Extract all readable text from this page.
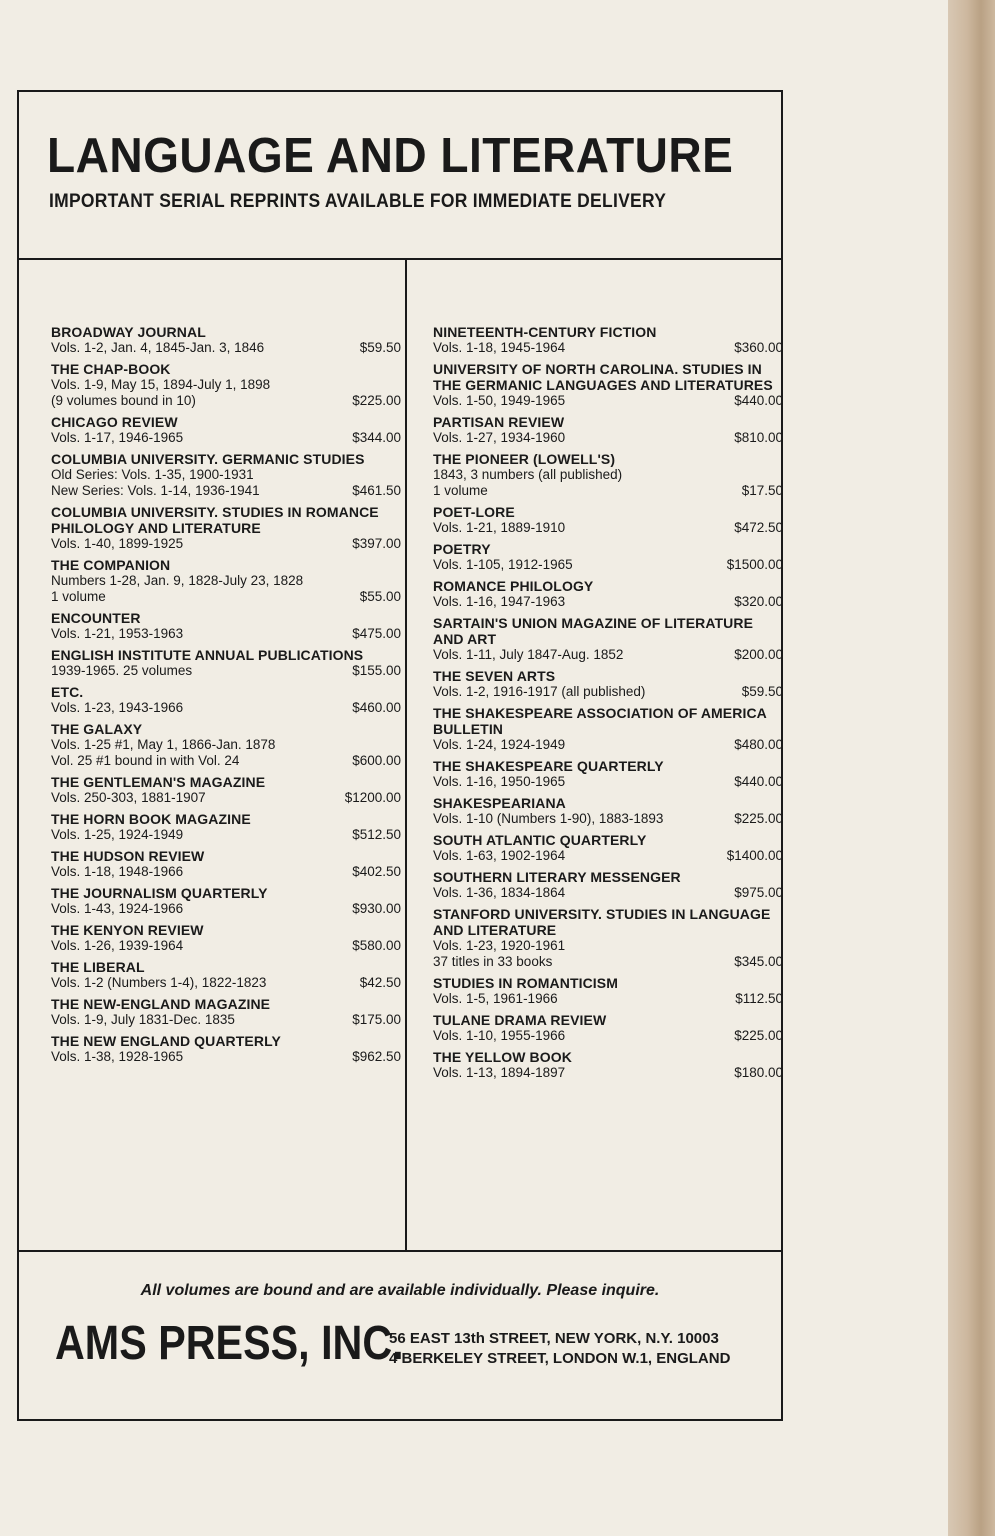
LANGUAGE AND LITERATURE

IMPORTANT SERIAL REPRINTS AVAILABLE FOR IMMEDIATE DELIVERY

BROADWAY JOURNAL
Vols. 1-2, Jan. 4, 1845-Jan. 3, 1846	$59.50
THE CHAP-BOOK
Vols. 1-9, May 15, 1894-July 1, 1898
(9 volumes bound in 10)	$225.00
CHICAGO REVIEW
Vols. 1-17, 1946-1965	$344.00
COLUMBIA UNIVERSITY. GERMANIC STUDIES
Old Series: Vols. 1-35, 1900-1931
New Series: Vols. 1-14, 1936-1941	$461.50
COLUMBIA UNIVERSITY. STUDIES IN ROMANCE PHILOLOGY AND LITERATURE
Vols. 1-40, 1899-1925	$397.00
THE COMPANION
Numbers 1-28, Jan. 9, 1828-July 23, 1828
1 volume	$55.00
ENCOUNTER
Vols. 1-21, 1953-1963	$475.00
ENGLISH INSTITUTE ANNUAL PUBLICATIONS
1939-1965. 25 volumes	$155.00
ETC.
Vols. 1-23, 1943-1966	$460.00
THE GALAXY
Vols. 1-25 #1, May 1, 1866-Jan. 1878
Vol. 25 #1 bound in with Vol. 24	$600.00
THE GENTLEMAN'S MAGAZINE
Vols. 250-303, 1881-1907	$1200.00
THE HORN BOOK MAGAZINE
Vols. 1-25, 1924-1949	$512.50
THE HUDSON REVIEW
Vols. 1-18, 1948-1966	$402.50
THE JOURNALISM QUARTERLY
Vols. 1-43, 1924-1966	$930.00
THE KENYON REVIEW
Vols. 1-26, 1939-1964	$580.00
THE LIBERAL
Vols. 1-2 (Numbers 1-4), 1822-1823	$42.50
THE NEW-ENGLAND MAGAZINE
Vols. 1-9, July 1831-Dec. 1835	$175.00
THE NEW ENGLAND QUARTERLY
Vols. 1-38, 1928-1965	$962.50
NINETEENTH-CENTURY FICTION
Vols. 1-18, 1945-1964	$360.00
UNIVERSITY OF NORTH CAROLINA. STUDIES IN THE GERMANIC LANGUAGES AND LITERATURES
Vols. 1-50, 1949-1965	$440.00
PARTISAN REVIEW
Vols. 1-27, 1934-1960	$810.00
THE PIONEER (LOWELL'S)
1843, 3 numbers (all published)
1 volume	$17.50
POET-LORE
Vols. 1-21, 1889-1910	$472.50
POETRY
Vols. 1-105, 1912-1965	$1500.00
ROMANCE PHILOLOGY
Vols. 1-16, 1947-1963	$320.00
SARTAIN'S UNION MAGAZINE OF LITERATURE AND ART
Vols. 1-11, July 1847-Aug. 1852	$200.00
THE SEVEN ARTS
Vols. 1-2, 1916-1917 (all published)	$59.50
THE SHAKESPEARE ASSOCIATION OF AMERICA BULLETIN
Vols. 1-24, 1924-1949	$480.00
THE SHAKESPEARE QUARTERLY
Vols. 1-16, 1950-1965	$440.00
SHAKESPEARIANA
Vols. 1-10 (Numbers 1-90), 1883-1893	$225.00
SOUTH ATLANTIC QUARTERLY
Vols. 1-63, 1902-1964	$1400.00
SOUTHERN LITERARY MESSENGER
Vols. 1-36, 1834-1864	$975.00
STANFORD UNIVERSITY. STUDIES IN LANGUAGE AND LITERATURE
Vols. 1-23, 1920-1961
37 titles in 33 books	$345.00
STUDIES IN ROMANTICISM
Vols. 1-5, 1961-1966	$112.50
TULANE DRAMA REVIEW
Vols. 1-10, 1955-1966	$225.00
THE YELLOW BOOK
Vols. 1-13, 1894-1897	$180.00

All volumes are bound and are available individually. Please inquire.

AMS PRESS, INC.
56 EAST 13th STREET, NEW YORK, N.Y. 10003
4 BERKELEY STREET, LONDON W.1, ENGLAND
